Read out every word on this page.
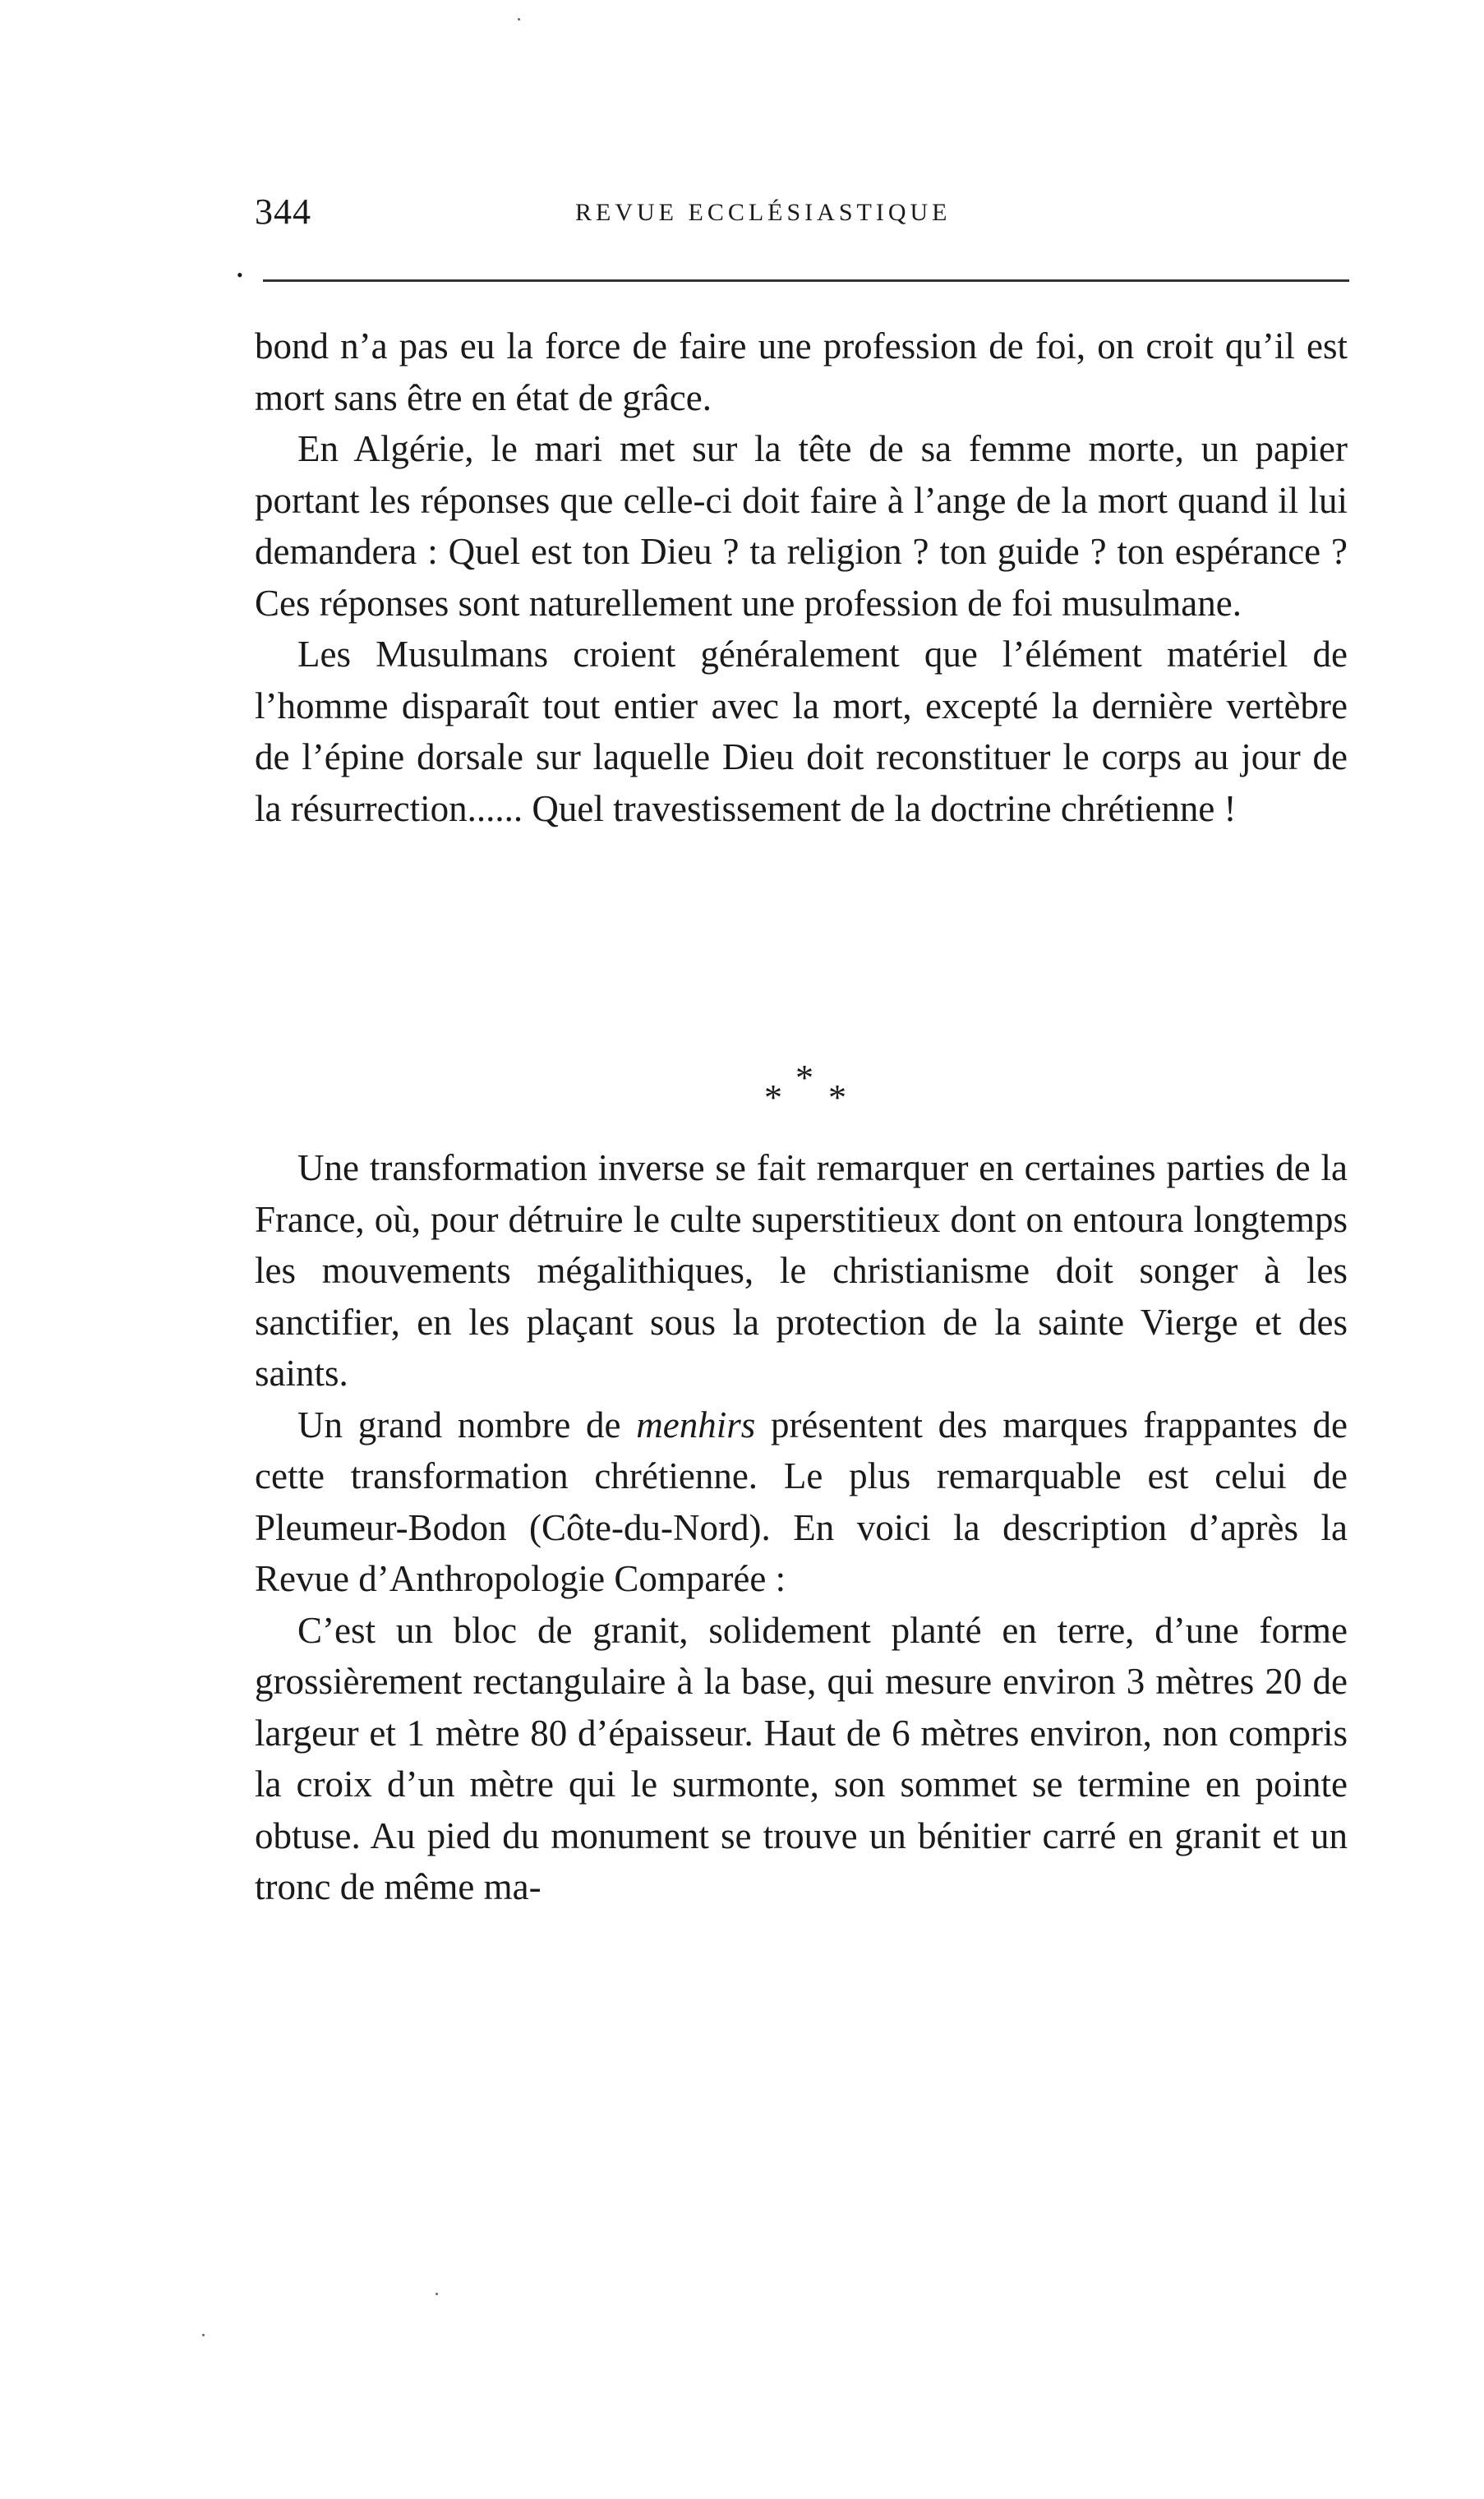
344	REVUE ECCLÉSIASTIQUE
•

bond n’a pas eu la force de faire une profession de foi, on croit qu’il est mort sans être en état de grâce.

En Algérie, le mari met sur la tête de sa femme morte, un papier portant les réponses que celle-ci doit faire à l’ange de la mort quand il lui demandera : Quel est ton Dieu ? ta religion ? ton guide ? ton espérance ? Ces réponses sont naturellement une profession de foi musulmane.

Les Musulmans croient généralement que l’élément matériel de l’homme disparaît tout entier avec la mort, excepté la dernière vertèbre de l’épine dorsale sur laquelle Dieu doit reconstituer le corps au jour de la résurrection...... Quel travestissement de la doctrine chrétienne !

*
* *

Une transformation inverse se fait remarquer en certaines parties de la France, où, pour détruire le culte superstitieux dont on entoura longtemps les mouvements mégalithiques, le christianisme doit songer à les sanctifier, en les plaçant sous la protection de la sainte Vierge et des saints.

Un grand nombre de menhirs présentent des marques frappantes de cette transformation chrétienne. Le plus remarquable est celui de Pleumeur-Bodon (Côte-du-Nord). En voici la description d’après la Revue d’Anthropologie Comparée :

C’est un bloc de granit, solidement planté en terre, d’une forme grossièrement rectangulaire à la base, qui mesure environ 3 mètres 20 de largeur et 1 mètre 80 d’épaisseur. Haut de 6 mètres environ, non compris la croix d’un mètre qui le surmonte, son sommet se termine en pointe obtuse. Au pied du monument se trouve un bénitier carré en granit et un tronc de même ma-
